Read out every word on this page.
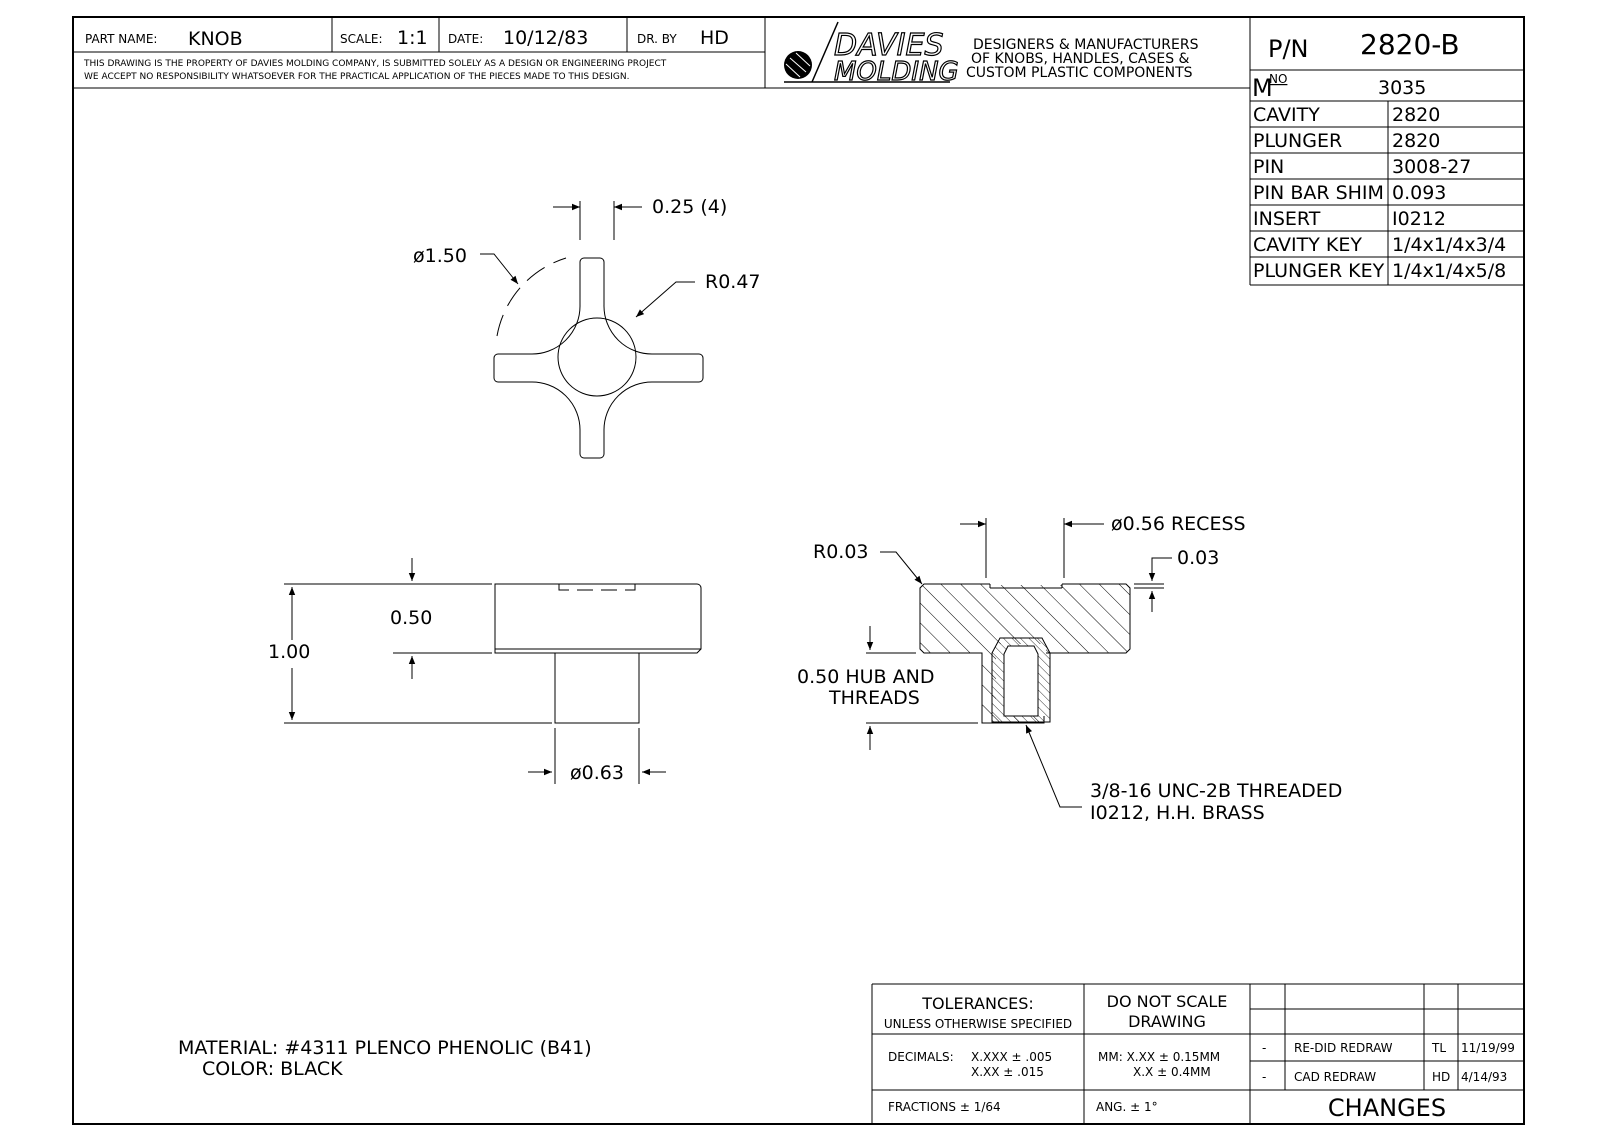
PART NAME: KNOB	SCALE: 1:1 DATE: 10/12/83	DR. BY HD
THIS DRAWING IS THE PROPERTY OF DAVIES MOLDING COMPANY, IS SUBMITTED SOLELY AS A DESIGN OR ENGINEERING PROJECT
WE ACCEPT NO RESPONSIBILITY WHATSOEVER FOR THE PRACTICAL APPLICATION OF THE PIECES MADE TO THIS DESIGN.
DAVIES
MOLDING
DESIGNERS & MANUFACTURERS
OF KNOBS, HANDLES, CASES &
CUSTOM PLASTIC COMPONENTS
P/N 2820-B
M
NO	3035
CAVITY	2820
PLUNGER	2820
PIN	3008-27
PIN BAR SHIM 0.093
INSERT	I0212
CAVITY KEY 1/4x1/4x3/4
PLUNGER KEY 1/4x1/4x5/8
0.25 (4)
ø1.50
R0.47
1.00
0.50
ø0.63
ø0.56 RECESS
0.03
R0.03
0.50 HUB AND
THREADS
3/8-16 UNC-2B THREADED
I0212, H.H. BRASS
MATERIAL: #4311 PLENCO PHENOLIC (B41)
COLOR: BLACK
TOLERANCES:
UNLESS OTHERWISE SPECIFIED
DO NOT SCALE
DRAWING
DECIMALS: X.XXX ± .005
X.XX ± .015
MM: X.XX ± 0.15MM
X.X ± 0.4MM
FRACTIONS ± 1/64	ANG. ± 1°
- RE-DID REDRAW	TL 11/19/99
- CAD REDRAW	HD 4/14/93
CHANGES
